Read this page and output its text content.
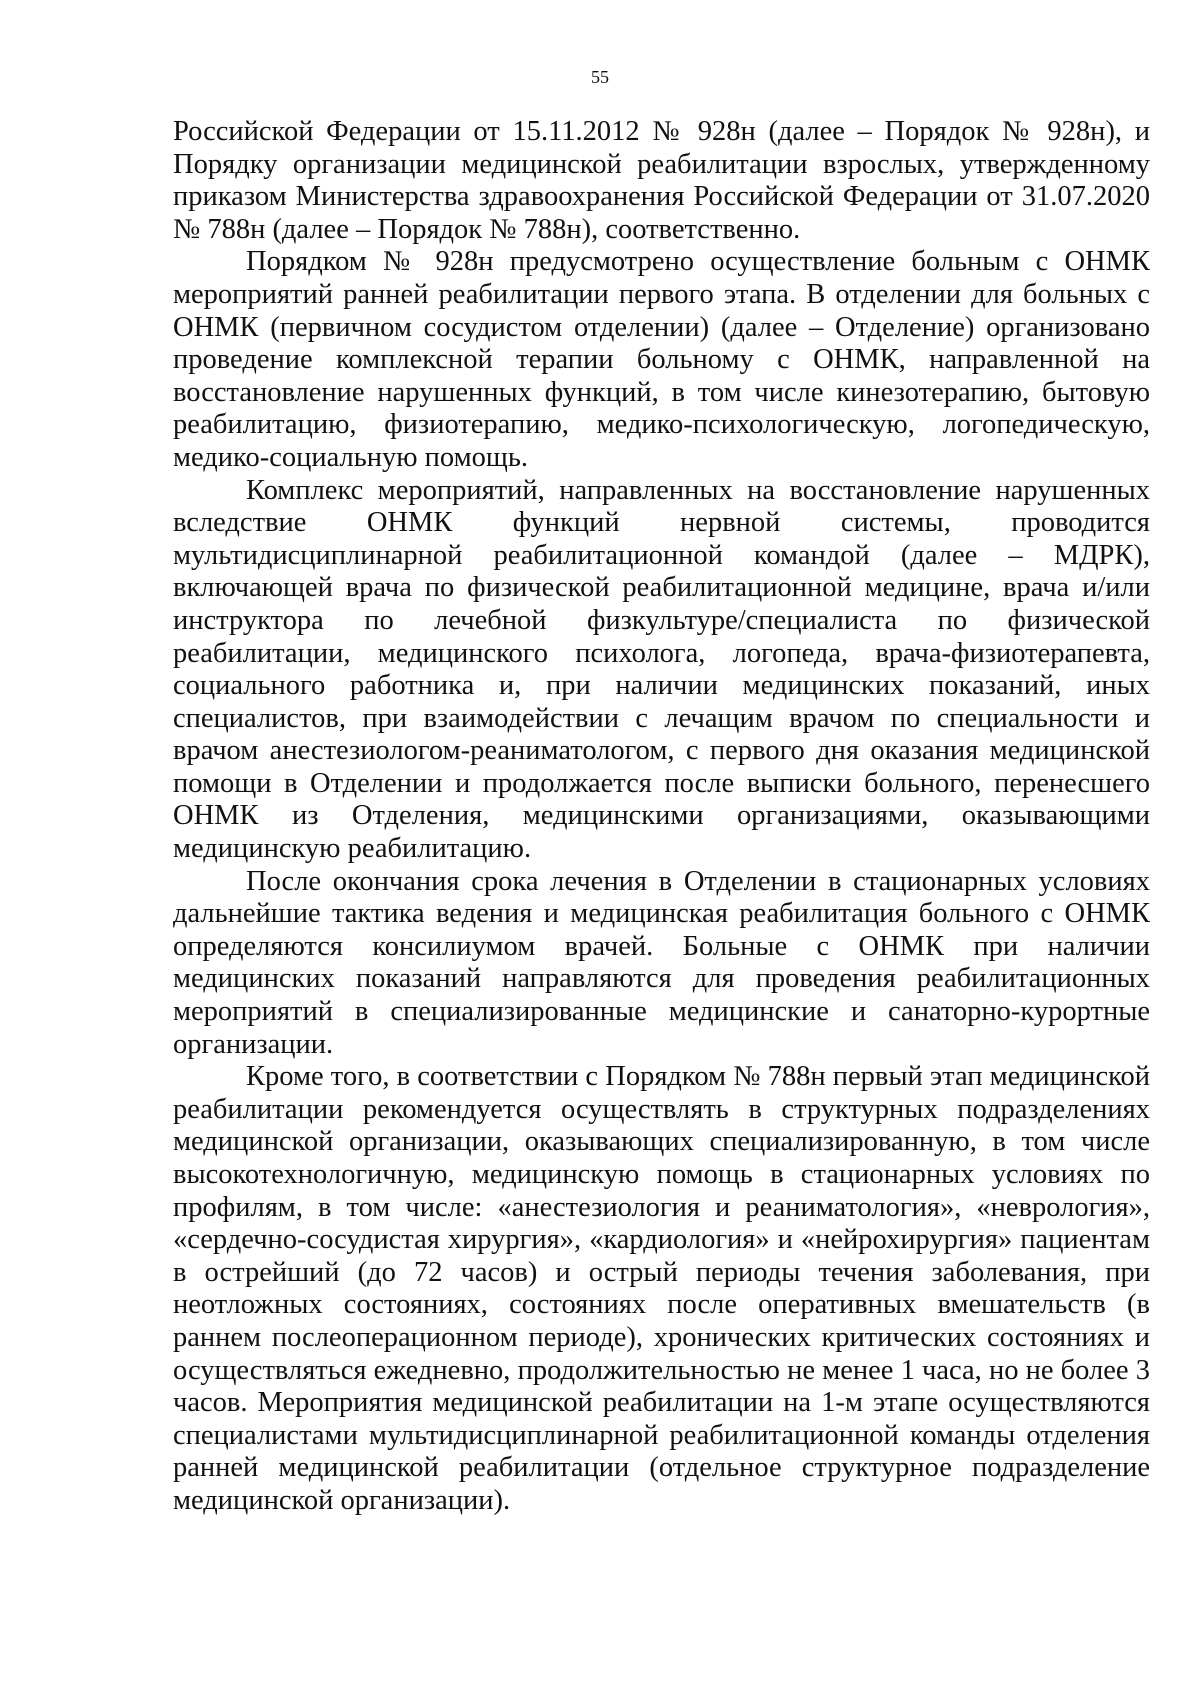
55

Российской Федерации от 15.11.2012 № 928н (далее – Порядок № 928н), и Порядку организации медицинской реабилитации взрослых, утвержденному приказом Министерства здравоохранения Российской Федерации от 31.07.2020 № 788н (далее – Порядок № 788н), соответственно.

Порядком № 928н предусмотрено осуществление больным с ОНМК мероприятий ранней реабилитации первого этапа. В отделении для больных с ОНМК (первичном сосудистом отделении) (далее – Отделение) организовано проведение комплексной терапии больному с ОНМК, направленной на восстановление нарушенных функций, в том числе кинезотерапию, бытовую реабилитацию, физиотерапию, медико-психологическую, логопедическую, медико-социальную помощь.

Комплекс мероприятий, направленных на восстановление нарушенных вследствие ОНМК функций нервной системы, проводится мультидисциплинарной реабилитационной командой (далее – МДРК), включающей врача по физической реабилитационной медицине, врача и/или инструктора по лечебной физкультуре/специалиста по физической реабилитации, медицинского психолога, логопеда, врача-физиотерапевта, социального работника и, при наличии медицинских показаний, иных специалистов, при взаимодействии с лечащим врачом по специальности и врачом анестезиологом-реаниматологом, с первого дня оказания медицинской помощи в Отделении и продолжается после выписки больного, перенесшего ОНМК из Отделения, медицинскими организациями, оказывающими медицинскую реабилитацию.

После окончания срока лечения в Отделении в стационарных условиях дальнейшие тактика ведения и медицинская реабилитация больного с ОНМК определяются консилиумом врачей. Больные с ОНМК при наличии медицинских показаний направляются для проведения реабилитационных мероприятий в специализированные медицинские и санаторно-курортные организации.

Кроме того, в соответствии с Порядком № 788н первый этап медицинской реабилитации рекомендуется осуществлять в структурных подразделениях медицинской организации, оказывающих специализированную, в том числе высокотехнологичную, медицинскую помощь в стационарных условиях по профилям, в том числе: «анестезиология и реаниматология», «неврология», «сердечно-сосудистая хирургия», «кардиология» и «нейрохирургия» пациентам в острейший (до 72 часов) и острый периоды течения заболевания, при неотложных состояниях, состояниях после оперативных вмешательств (в раннем послеоперационном периоде), хронических критических состояниях и осуществляться ежедневно, продолжительностью не менее 1 часа, но не более 3 часов. Мероприятия медицинской реабилитации на 1-м этапе осуществляются специалистами мультидисциплинарной реабилитационной команды отделения ранней медицинской реабилитации (отдельное структурное подразделение медицинской организации).
